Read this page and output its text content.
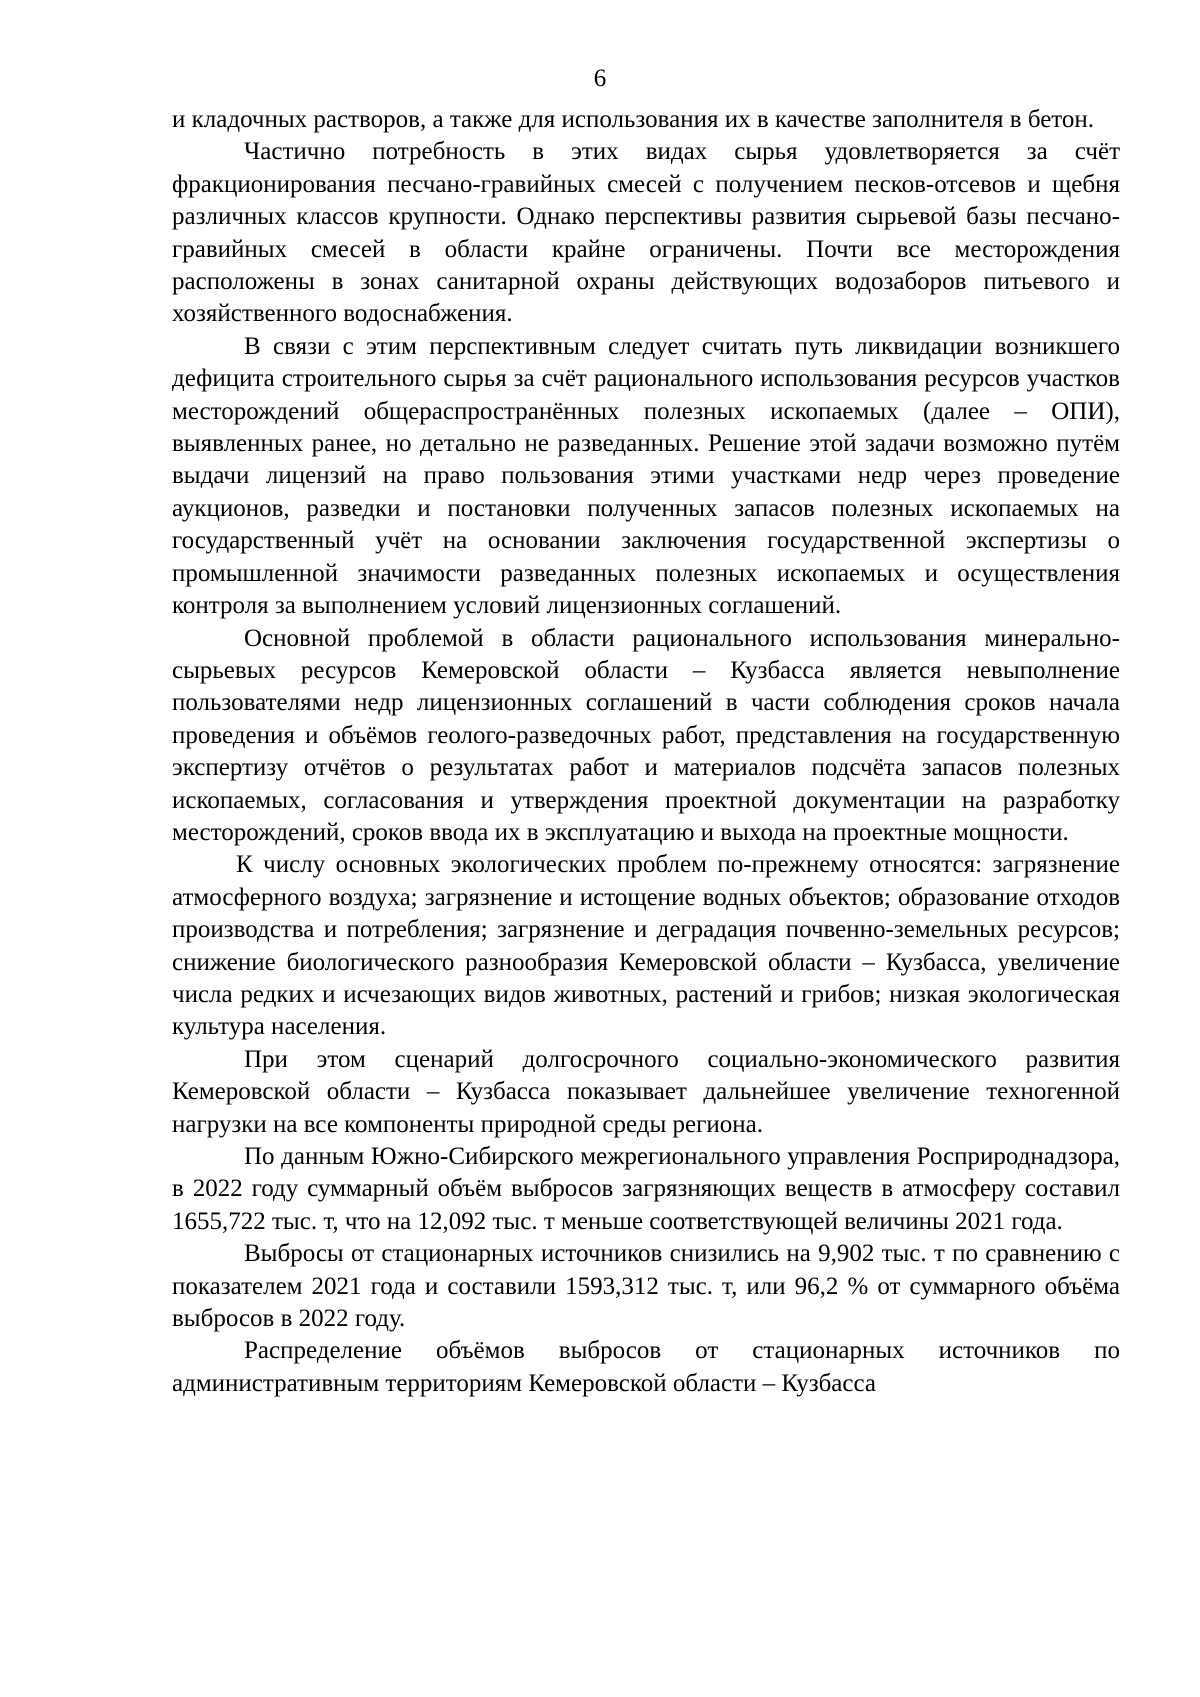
6

и кладочных растворов, а также для использования их в качестве заполнителя в бетон.

Частично потребность в этих видах сырья удовлетворяется за счёт фракционирования песчано-гравийных смесей с получением песков-отсевов и щебня различных классов крупности. Однако перспективы развития сырьевой базы песчано-гравийных смесей в области крайне ограничены. Почти все месторождения расположены в зонах санитарной охраны действующих водозаборов питьевого и хозяйственного водоснабжения.

В связи с этим перспективным следует считать путь ликвидации возникшего дефицита строительного сырья за счёт рационального использования ресурсов участков месторождений общераспространённых полезных ископаемых (далее – ОПИ), выявленных ранее, но детально не разведанных. Решение этой задачи возможно путём выдачи лицензий на право пользования этими участками недр через проведение аукционов, разведки и постановки полученных запасов полезных ископаемых на государственный учёт на основании заключения государственной экспертизы о промышленной значимости разведанных полезных ископаемых и осуществления контроля за выполнением условий лицензионных соглашений.

Основной проблемой в области рационального использования минерально-сырьевых ресурсов Кемеровской области – Кузбасса является невыполнение пользователями недр лицензионных соглашений в части соблюдения сроков начала проведения и объёмов геолого-разведочных работ, представления на государственную экспертизу отчётов о результатах работ и материалов подсчёта запасов полезных ископаемых, согласования и утверждения проектной документации на разработку месторождений, сроков ввода их в эксплуатацию и выхода на проектные мощности.

К числу основных экологических проблем по-прежнему относятся: загрязнение атмосферного воздуха; загрязнение и истощение водных объектов; образование отходов производства и потребления; загрязнение и деградация почвенно-земельных ресурсов; снижение биологического разнообразия Кемеровской области – Кузбасса, увеличение числа редких и исчезающих видов животных, растений и грибов; низкая экологическая культура населения.

При этом сценарий долгосрочного социально-экономического развития Кемеровской области – Кузбасса показывает дальнейшее увеличение техногенной нагрузки на все компоненты природной среды региона.

По данным Южно-Сибирского межрегионального управления Росприроднадзора, в 2022 году суммарный объём выбросов загрязняющих веществ в атмосферу составил 1655,722 тыс. т, что на 12,092 тыс. т меньше соответствующей величины 2021 года.

Выбросы от стационарных источников снизились на 9,902 тыс. т по сравнению с показателем 2021 года и составили 1593,312 тыс. т, или 96,2 % от суммарного объёма выбросов в 2022 году.

Распределение объёмов выбросов от стационарных источников по административным территориям Кемеровской области – Кузбасса
